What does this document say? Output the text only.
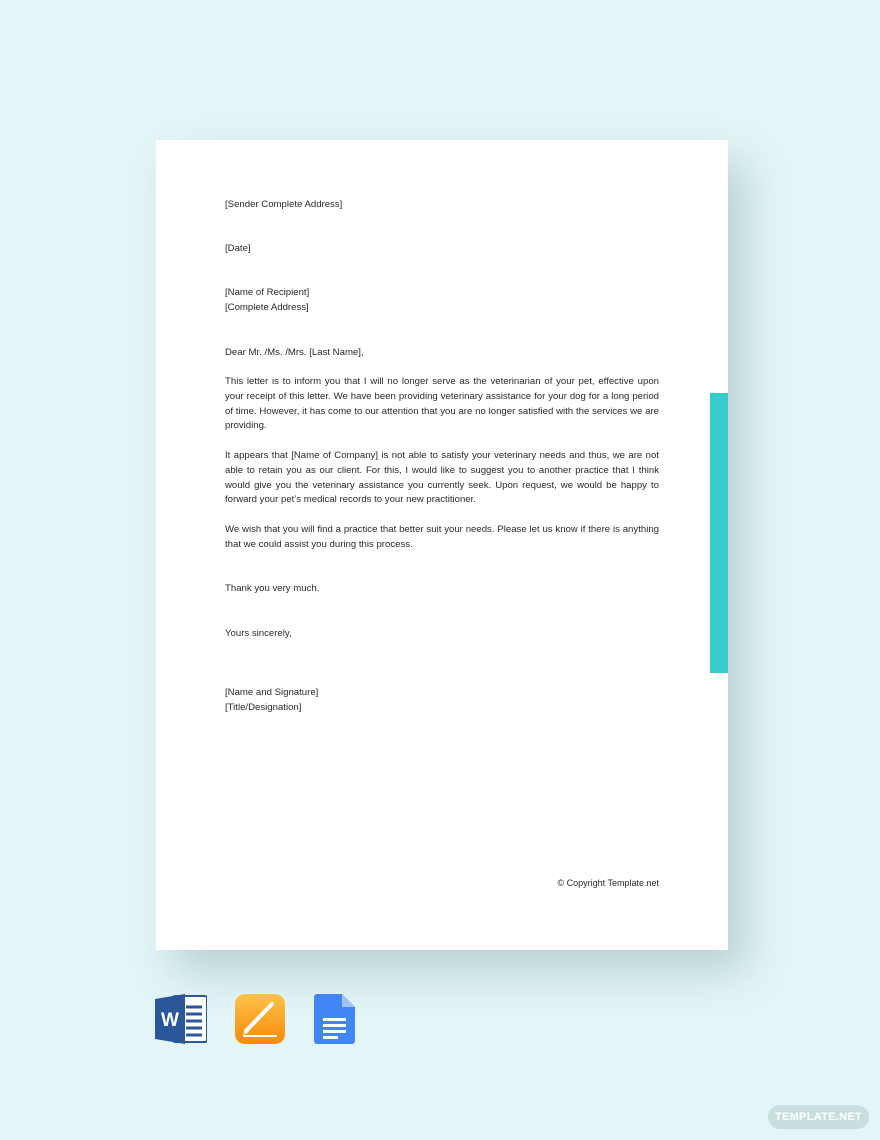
[Sender Complete Address]

[Date]

[Name of Recipient]

[Complete Address]

Dear Mr. /Ms. /Mrs. [Last Name],

This letter is to inform you that I will no longer serve as the veterinarian of your pet, effective upon your receipt of this letter. We have been providing veterinary assistance for your dog for a long period of time. However, it has come to our attention that you are no longer satisfied with the services we are providing.

It appears that [Name of Company] is not able to satisfy your veterinary needs and thus, we are not able to retain you as our client. For this, I would like to suggest you to another practice that I think would give you the veterinary assistance you currently seek. Upon request, we would be happy to forward your pet’s medical records to your new practitioner.

We wish that you will find a practice that better suit your needs. Please let us know if there is anything that we could assist you during this process.

Thank you very much.

Yours sincerely,

[Name and Signature]

[Title/Designation]

© Copyright Template.net
W
TEMPLATE.NET
